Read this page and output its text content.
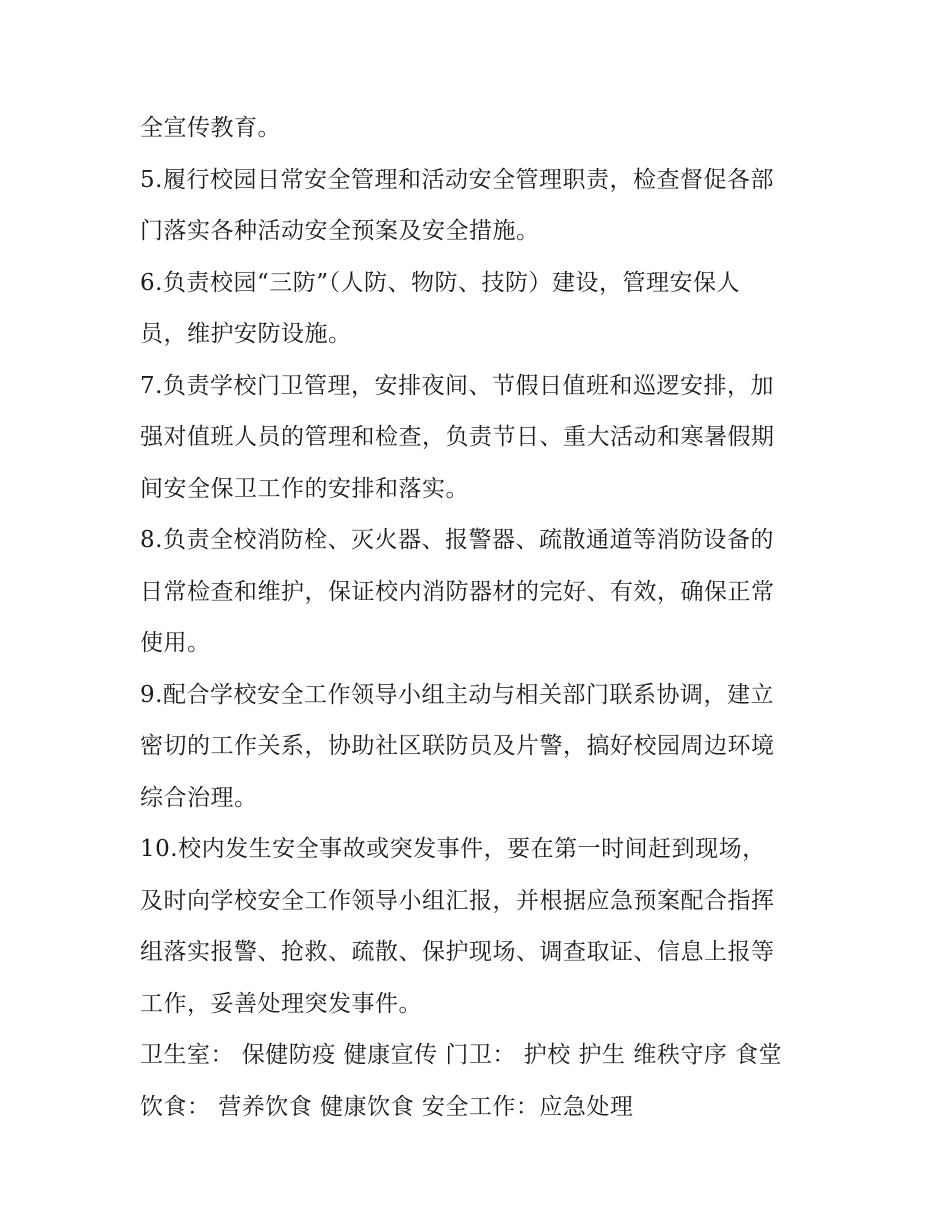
全宣传教育。
5.履行校园日常安全管理和活动安全管理职责，检查督促各部
门落实各种活动安全预案及安全措施。
6.负责校园“三防”（人防、物防、技防）建设，管理安保人
员，维护安防设施。
7.负责学校门卫管理，安排夜间、节假日值班和巡逻安排，加
强对值班人员的管理和检查，负责节日、重大活动和寒暑假期
间安全保卫工作的安排和落实。
8.负责全校消防栓、灭火器、报警器、疏散通道等消防设备的
日常检查和维护，保证校内消防器材的完好、有效，确保正常
使用。
9.配合学校安全工作领导小组主动与相关部门联系协调，建立
密切的工作关系，协助社区联防员及片警，搞好校园周边环境
综合治理。
10.校内发生安全事故或突发事件，要在第一时间赶到现场，
及时向学校安全工作领导小组汇报，并根据应急预案配合指挥
组落实报警、抢救、疏散、保护现场、调查取证、信息上报等
工作，妥善处理突发事件。
卫生室： 保健防疫 健康宣传 门卫： 护校 护生 维秩守序 食堂
饮食： 营养饮食 健康饮食 安全工作：应急处理
